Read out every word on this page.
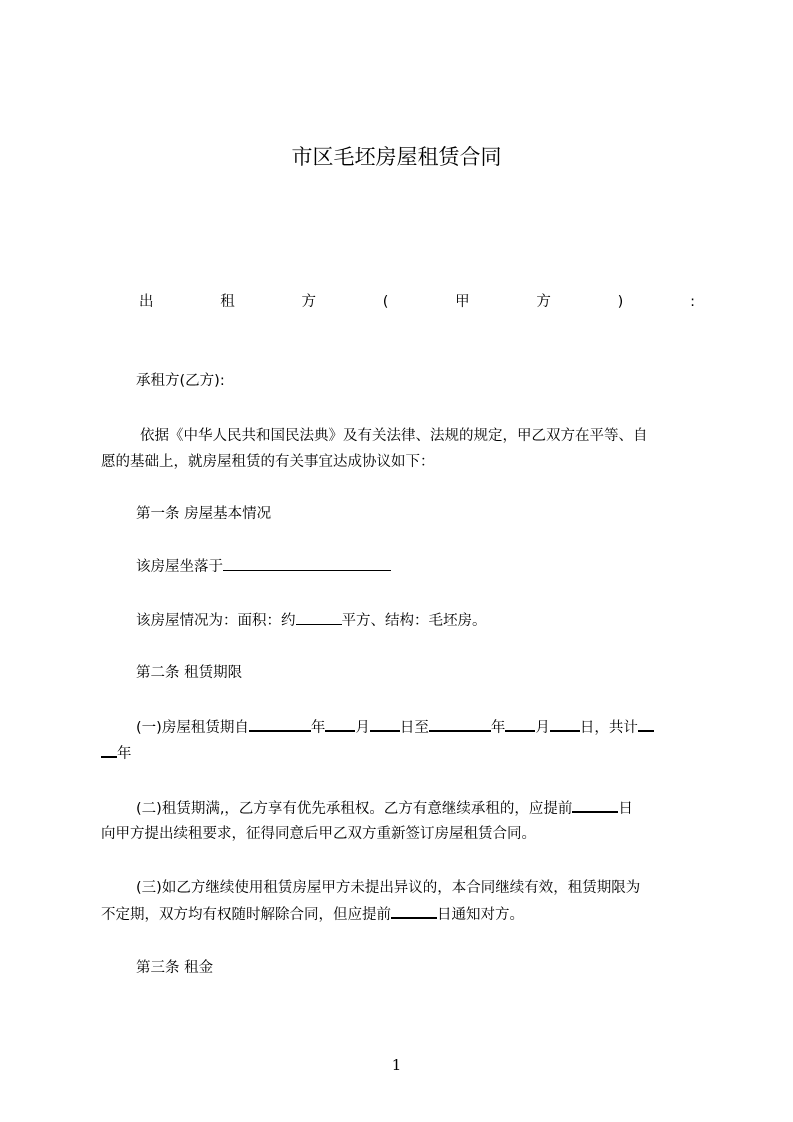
市区毛坯房屋租赁合同
出	租	方	(	甲	方	)	:
承租方(乙方):
依据《中华人民共和国民法典》及有关法律、法规的规定，甲乙双方在平等、自
愿的基础上，就房屋租赁的有关事宜达成协议如下：
第一条 房屋基本情况
该房屋坐落于
该房屋情况为：面积：约	平方、结构：毛坯房。
第二条 租赁期限
(一)房屋租赁期自	年 月 日至	年 月 日，共计
年
(二)租赁期满,，乙方享有优先承租权。乙方有意继续承租的，应提前	日
向甲方提出续租要求，征得同意后甲乙双方重新签订房屋租赁合同。
(三)如乙方继续使用租赁房屋甲方未提出异议的，本合同继续有效，租赁期限为
不定期，双方均有权随时解除合同，但应提前	日通知对方。
第三条 租金
1
